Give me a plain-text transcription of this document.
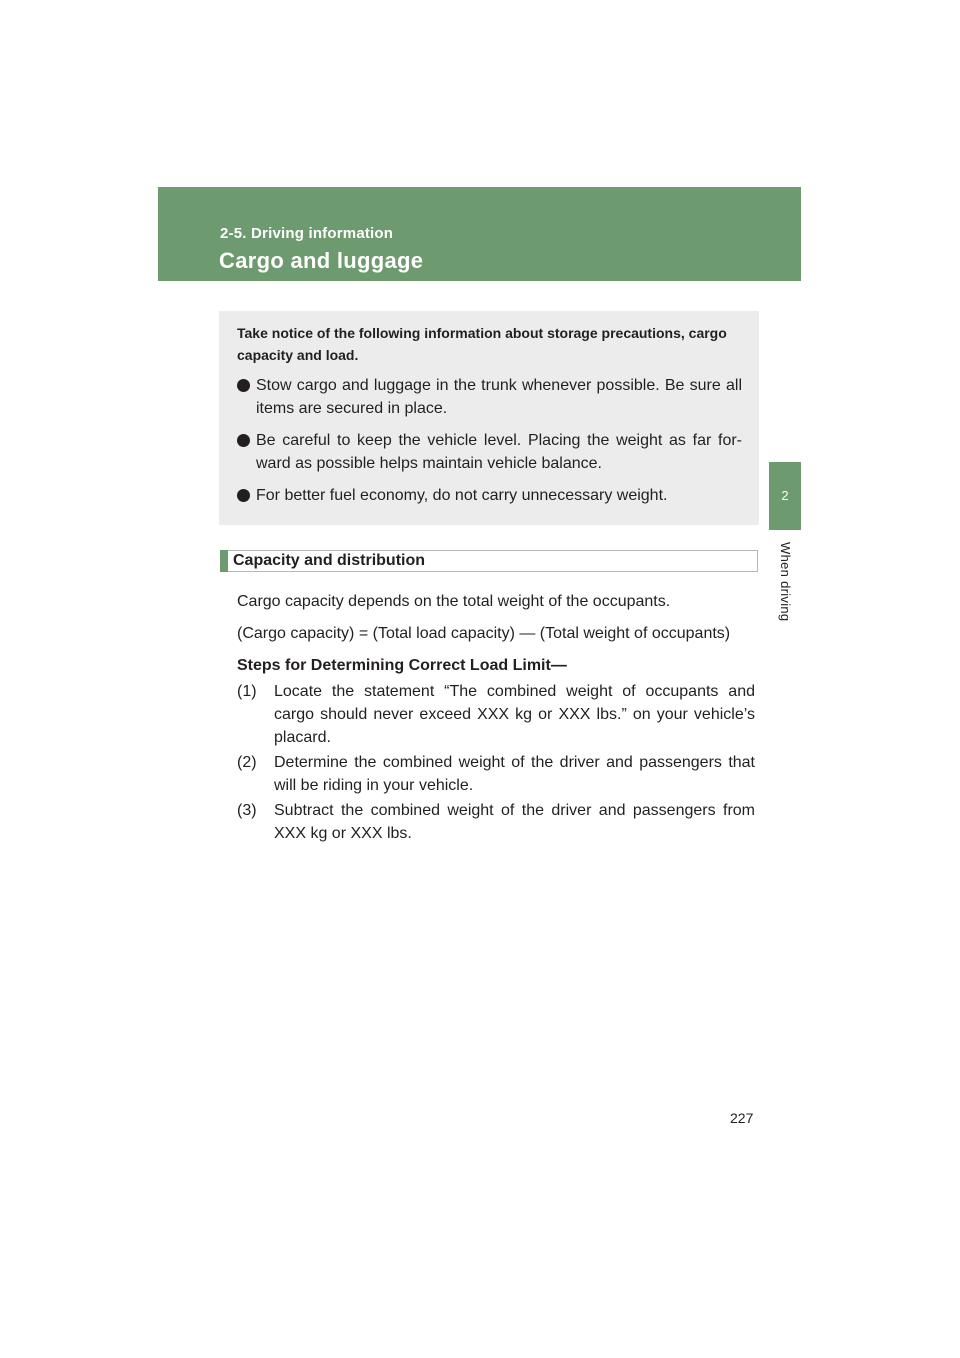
2-5. Driving information
Cargo and luggage
2
When driving
Take notice of the following information about storage precautions, cargo capacity and load.
Stow cargo and luggage in the trunk whenever possible. Be sure all items are secured in place.
Be careful to keep the vehicle level. Placing the weight as far for-ward as possible helps maintain vehicle balance.
For better fuel economy, do not carry unnecessary weight.
Capacity and distribution
Cargo capacity depends on the total weight of the occupants.
(Cargo capacity) = (Total load capacity) — (Total weight of occupants)
Steps for Determining Correct Load Limit—
(1) Locate the statement “The combined weight of occupants and cargo should never exceed XXX kg or XXX lbs.” on your vehicle’s placard.
(2) Determine the combined weight of the driver and passengers that will be riding in your vehicle.
(3) Subtract the combined weight of the driver and passengers from XXX kg or XXX lbs.
227
